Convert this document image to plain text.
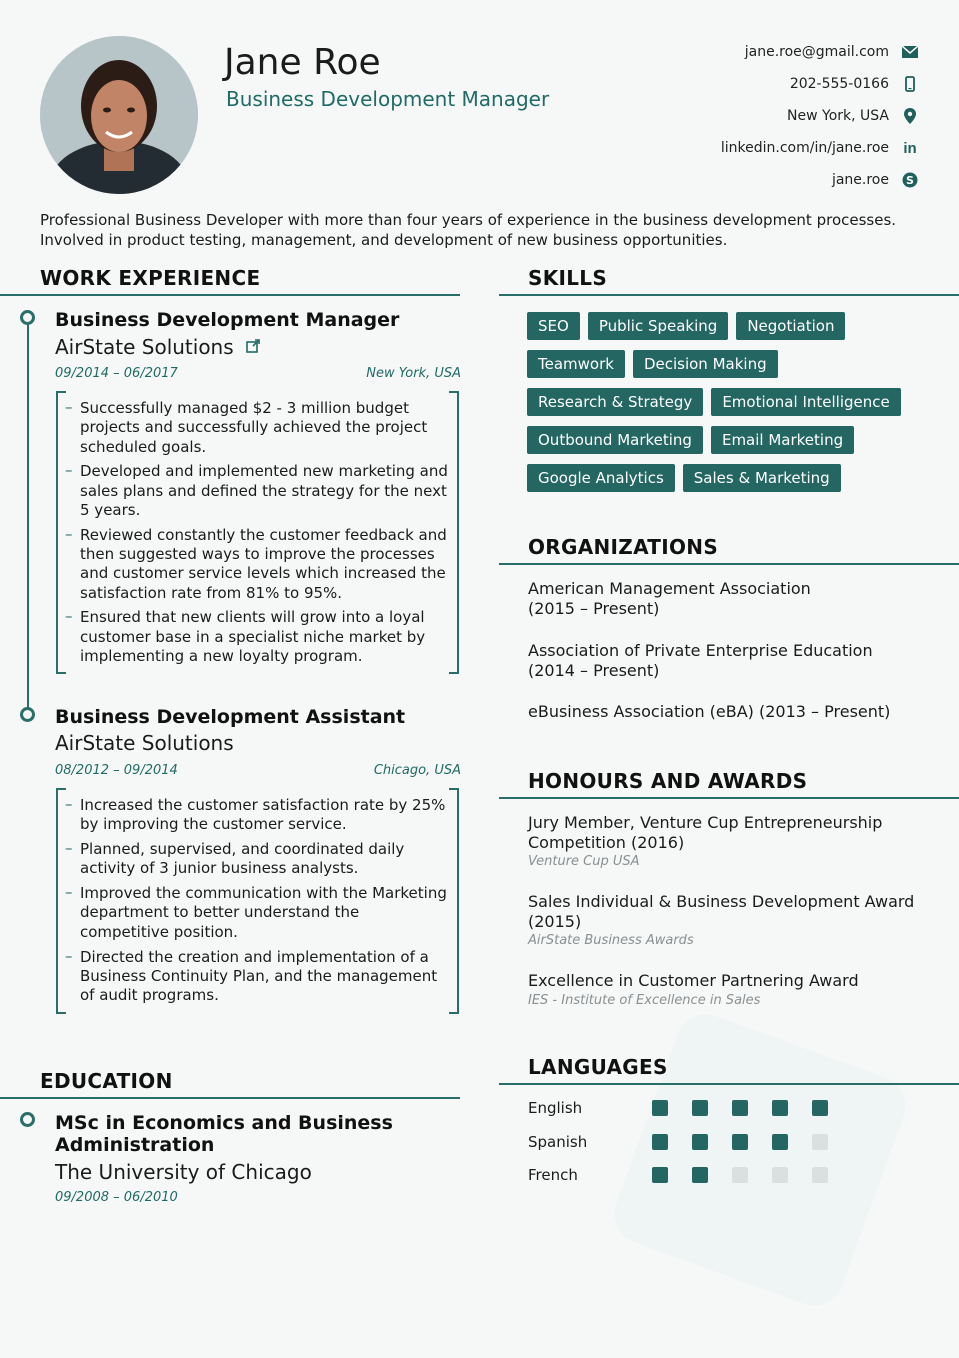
Jane Roe
Business Development Manager
jane.roe@gmail.com
202-555-0166
New York, USA
linkedin.com/in/jane.roe in
jane.roe S

Professional Business Developer with more than four years of experience in the business development processes. Involved in product testing, management, and development of new business opportunities.

WORK EXPERIENCE
Business Development Manager
AirState Solutions
09/2014 – 06/2017	New York, USA
– Successfully managed $2 - 3 million budget projects and successfully achieved the project scheduled goals.
– Developed and implemented new marketing and sales plans and defined the strategy for the next 5 years.
– Reviewed constantly the customer feedback and then suggested ways to improve the processes and customer service levels which increased the satisfaction rate from 81% to 95%.
– Ensured that new clients will grow into a loyal customer base in a specialist niche market by implementing a new loyalty program.
Business Development Assistant
AirState Solutions
08/2012 – 09/2014	Chicago, USA
– Increased the customer satisfaction rate by 25% by improving the customer service.
– Planned, supervised, and coordinated daily activity of 3 junior business analysts.
– Improved the communication with the Marketing department to better understand the competitive position.
– Directed the creation and implementation of a Business Continuity Plan, and the management of audit programs.
EDUCATION
MSc in Economics and Business Administration
The University of Chicago
09/2008 – 06/2010
SKILLS
SEO	Public Speaking	Negotiation
Teamwork	Decision Making
Research & Strategy	Emotional Intelligence
Outbound Marketing	Email Marketing
Google Analytics	Sales & Marketing
ORGANIZATIONS
American Management Association
(2015 – Present)
Association of Private Enterprise Education
(2014 – Present)
eBusiness Association (eBA) (2013 – Present)
HONOURS AND AWARDS
Jury Member, Venture Cup Entrepreneurship Competition (2016)
Venture Cup USA
Sales Individual & Business Development Award (2015)
AirState Business Awards
Excellence in Customer Partnering Award
IES - Institute of Excellence in Sales
LANGUAGES
English
Spanish
French
